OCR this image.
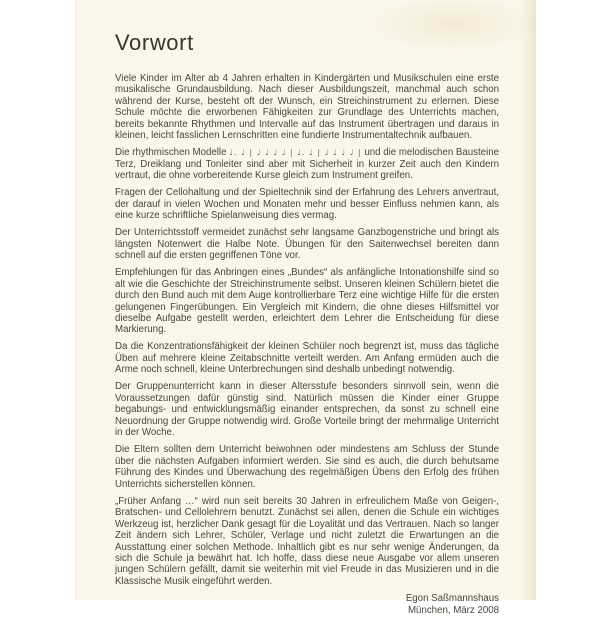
Vorwort

Viele Kinder im Alter ab 4 Jahren erhalten in Kindergärten und Musikschulen eine erste musikalische Grundausbildung. Nach dieser Ausbildungszeit, manchmal auch schon während der Kurse, besteht oft der Wunsch, ein Streichinstrument zu erlernen. Diese Schule möchte die erworbenen Fähigkeiten zur Grundlage des Unterrichts machen, bereits bekannte Rhythmen und Intervalle auf das Instrument übertragen und daraus in kleinen, leicht fasslichen Lernschritten eine fundierte Instrumentaltechnik aufbauen.

Die rhythmischen Modelle ♩. ♩ | ♩ ♩ ♩ ♩ | ♩. ♩ | ♩ ♩ ♩ ♩ | und die melodischen Bausteine Terz, Dreiklang und Tonleiter sind aber mit Sicherheit in kurzer Zeit auch den Kindern vertraut, die ohne vorbereitende Kurse gleich zum Instrument greifen.

Fragen der Cellohaltung und der Spieltechnik sind der Erfahrung des Lehrers anvertraut, der darauf in vielen Wochen und Monaten mehr und besser Einfluss nehmen kann, als eine kurze schriftliche Spielanweisung dies vermag.

Der Unterrichtsstoff vermeidet zunächst sehr langsame Ganzbogenstriche und bringt als längsten Notenwert die Halbe Note. Übungen für den Saitenwechsel bereiten dann schnell auf die ersten gegriffenen Töne vor.

Empfehlungen für das Anbringen eines „Bundes“ als anfängliche Intonationshilfe sind so alt wie die Geschichte der Streichinstrumente selbst. Unseren kleinen Schülern bietet die durch den Bund auch mit dem Auge kontrollierbare Terz eine wichtige Hilfe für die ersten gelungenen Fingerübungen. Ein Vergleich mit Kindern, die ohne dieses Hilfsmittel vor dieselbe Aufgabe gestellt werden, erleichtert dem Lehrer die Entscheidung für diese Markierung.

Da die Konzentrationsfähigkeit der kleinen Schüler noch begrenzt ist, muss das tägliche Üben auf mehrere kleine Zeitabschnitte verteilt werden. Am Anfang ermüden auch die Arme noch schnell, kleine Unterbrechungen sind deshalb unbedingt notwendig.

Der Gruppenunterricht kann in dieser Altersstufe besonders sinnvoll sein, wenn die Voraussetzungen dafür günstig sind. Natürlich müssen die Kinder einer Gruppe begabungs- und entwicklungsmäßig einander entsprechen, da sonst zu schnell eine Neuordnung der Gruppe notwendig wird. Große Vorteile bringt der mehrmalige Unterricht in der Woche.

Die Eltern sollten dem Unterricht beiwohnen oder mindestens am Schluss der Stunde über die nächsten Aufgaben informiert werden. Sie sind es auch, die durch behutsame Führung des Kindes und Überwachung des regelmäßigen Übens den Erfolg des frühen Unterrichts sicherstellen können.

„Früher Anfang …“ wird nun seit bereits 30 Jahren in erfreulichem Maße von Geigen-, Bratschen- und Cellolehrern benutzt. Zunächst sei allen, denen die Schule ein wichtiges Werkzeug ist, herzlicher Dank gesagt für die Loyalität und das Vertrauen. Nach so langer Zeit ändern sich Lehrer, Schüler, Verlage und nicht zuletzt die Erwartungen an die Ausstattung einer solchen Methode. Inhaltlich gibt es nur sehr wenige Änderungen, da sich die Schule ja bewährt hat. Ich hoffe, dass diese neue Ausgabe vor allem unseren jungen Schülern gefällt, damit sie weiterhin mit viel Freude in das Musizieren und in die Klassische Musik eingeführt werden.

Egon Saßmannshaus
München, März 2008
